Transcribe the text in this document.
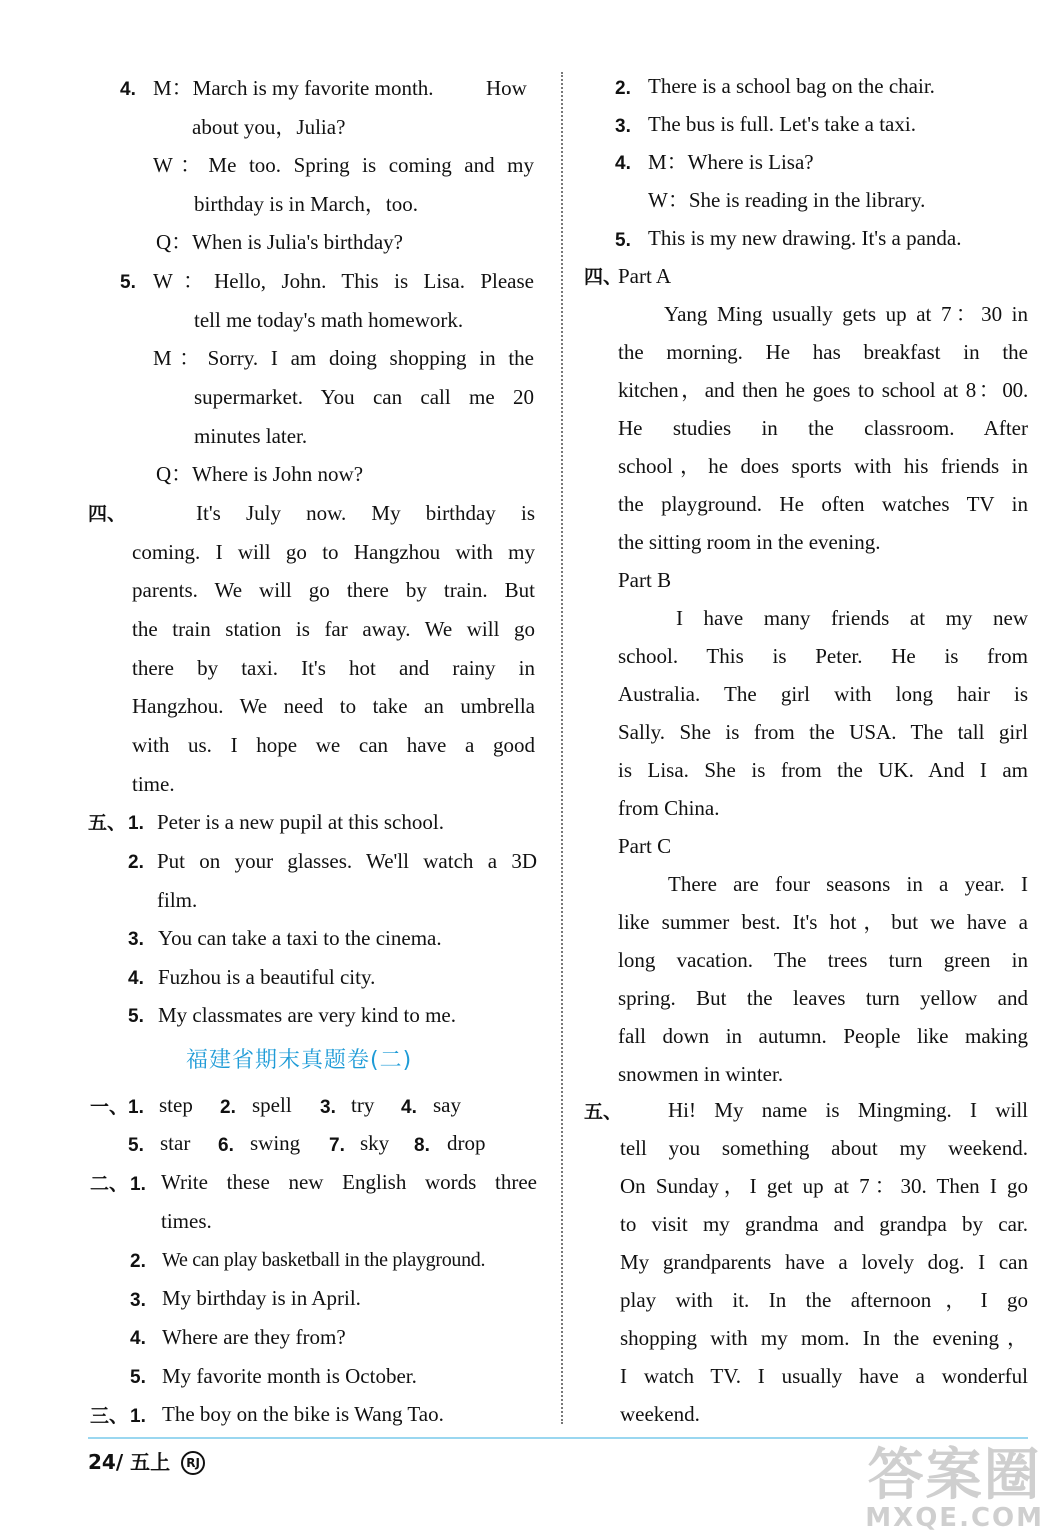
4. M：March is my favorite month. How
about you，Julia?
W：Me too. Spring is coming and my
birthday is in March，too.
Q：When is Julia's birthday?
5. W：Hello, John. This is Lisa. Please
tell me today's math homework.
M：Sorry. I am doing shopping in the
supermarket. You can call me 20
minutes later.
Q：Where is John now?
四、	It's July now. My birthday is
coming. I will go to Hangzhou with my
parents. We will go there by train. But
the train station is far away. We will go
there by taxi. It's hot and rainy in
Hangzhou. We need to take an umbrella
with us. I hope we can have a good
time.
五、 1. Peter is a new pupil at this school.
2. Put on your glasses. We'll watch a 3D
film.
3. You can take a taxi to the cinema.
4. Fuzhou is a beautiful city.
5. My classmates are very kind to me.
福建省期末真题卷(二)
一、 1. step 2. spell 3. try 4. say
5. star 6. swing 7. sky 8. drop
二、 1. Write these new English words three
times.
2. We can play basketball in the playground.
3. My birthday is in April.
4. Where are they from?
5. My favorite month is October.
三、 1. The boy on the bike is Wang Tao.
2. There is a school bag on the chair.
3. The bus is full. Let's take a taxi.
4. M：Where is Lisa?
W：She is reading in the library.
5. This is my new drawing. It's a panda.
四、
Part A
Yang Ming usually gets up at 7：30 in
the morning. He has breakfast in the
kitchen，and then he goes to school at 8：00.
He studies in the classroom. After
school，he does sports with his friends in
the playground. He often watches TV in
the sitting room in the evening.
Part B
I have many friends at my new
school. This is Peter. He is from
Australia. The girl with long hair is
Sally. She is from the USA. The tall girl
is Lisa. She is from the UK. And I am
from China.
Part C
There are four seasons in a year. I
like summer best. It's hot，but we have a
long vacation. The trees turn green in
spring. But the leaves turn yellow and
fall down in autumn. People like making
snowmen in winter.
五、 Hi! My name is Mingming. I will
tell you something about my weekend.
On Sunday，I get up at 7：30. Then I go
to visit my grandma and grandpa by car.
My grandparents have a lovely dog. I can
play with it. In the afternoon，I go
shopping with my mom. In the evening，
I watch TV. I usually have a wonderful
weekend.
24/ 五上 RJ	答案圈
MXQE.COM
